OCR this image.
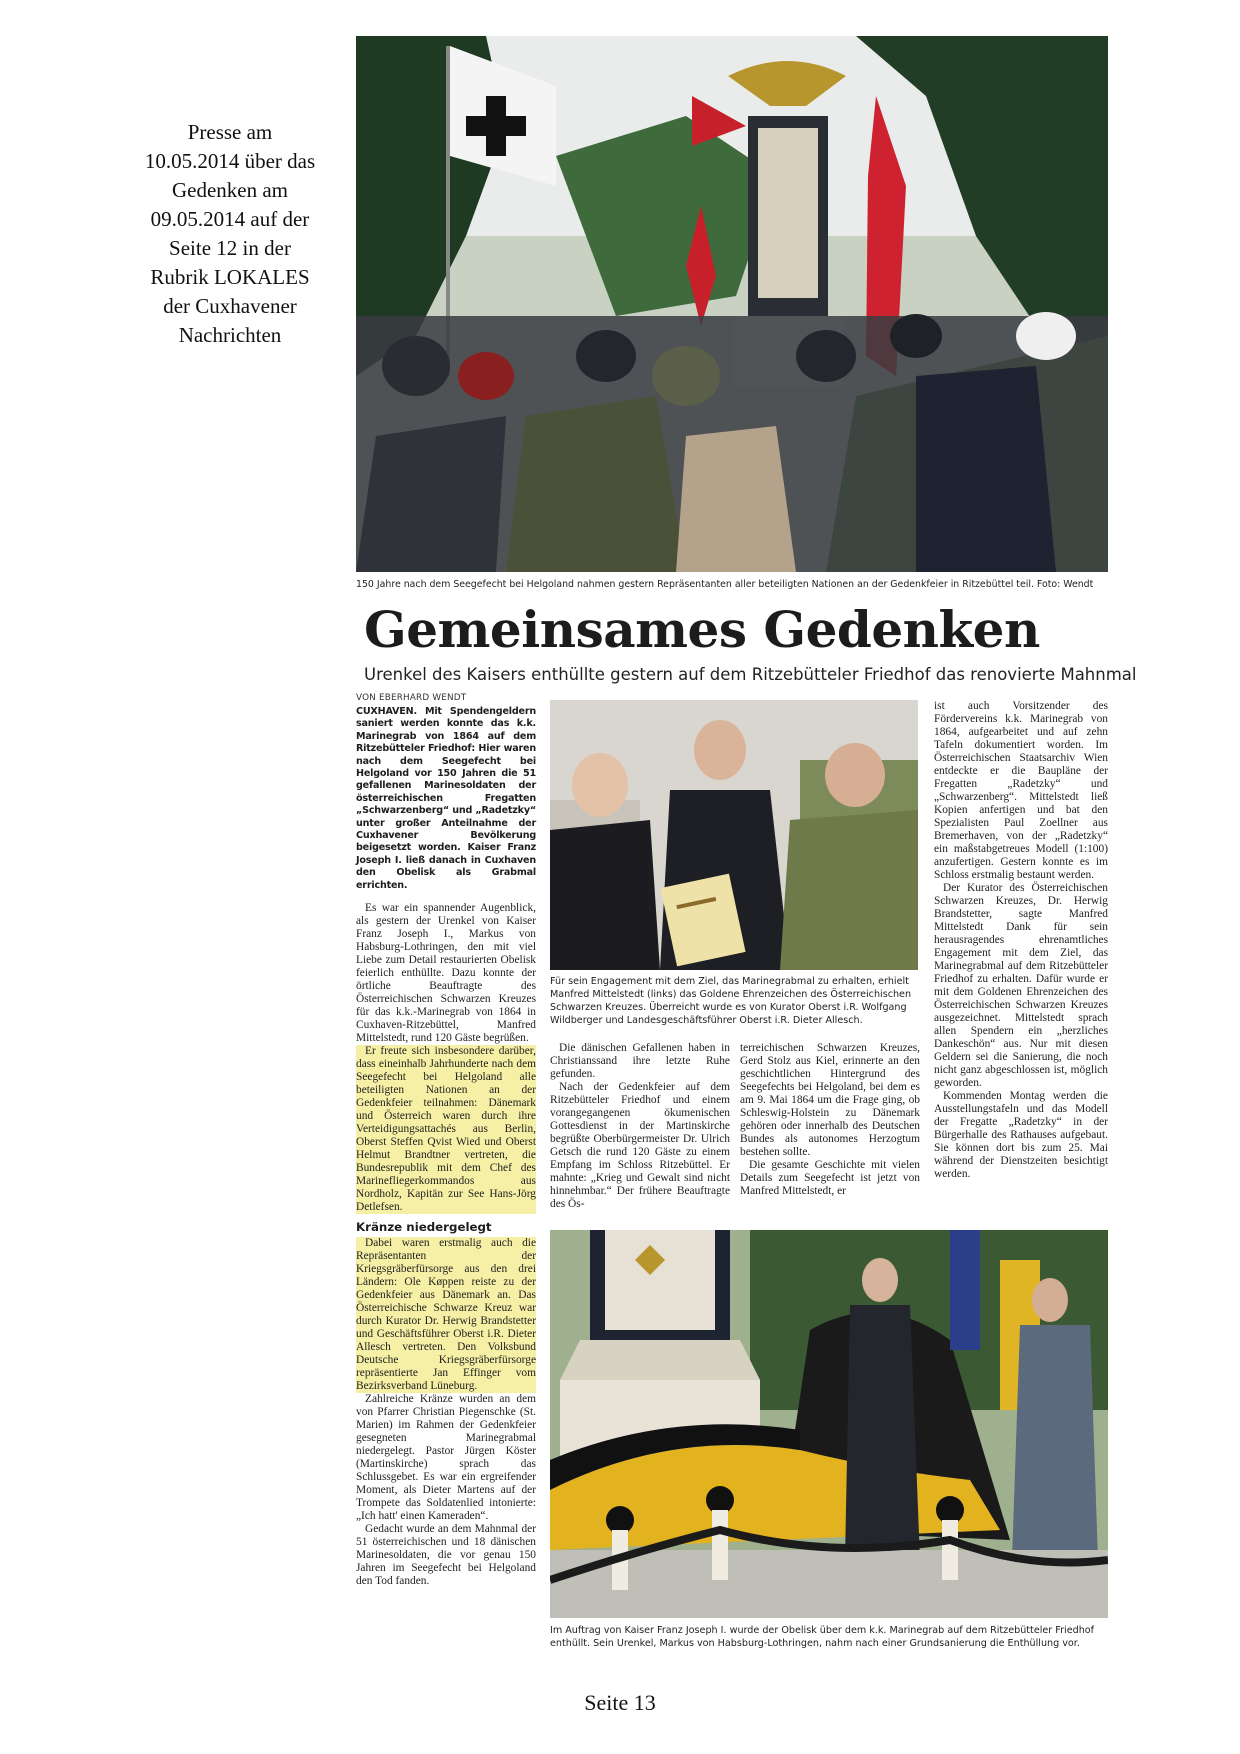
Presse am
10.05.2014 über das
Gedenken am
09.05.2014 auf der
Seite 12 in der
Rubrik LOKALES
der Cuxhavener
Nachrichten
150 Jahre nach dem Seegefecht bei Helgoland nahmen gestern Repräsentanten aller beteiligten Nationen an der Gedenkfeier in Ritzebüttel teil. Foto: Wendt
Gemeinsames Gedenken
Urenkel des Kaisers enthüllte gestern auf dem Ritzebütteler Friedhof das renovierte Mahnmal
VON EBERHARD WENDT

CUXHAVEN. Mit Spendengeldern saniert werden konnte das k.k. Marinegrab von 1864 auf dem Ritzebütteler Friedhof: Hier waren nach dem Seegefecht bei Helgoland vor 150 Jahren die 51 gefallenen Marinesoldaten der österreichischen Fregatten „Schwarzenberg“ und „Radetzky“ unter großer Anteilnahme der Cuxhavener Bevölkerung beigesetzt worden. Kaiser Franz Joseph I. ließ danach in Cuxhaven den Obelisk als Grabmal errichten.

Es war ein spannender Augenblick, als gestern der Urenkel von Kaiser Franz Joseph I., Markus von Habsburg-Lothringen, den mit viel Liebe zum Detail restaurierten Obelisk feierlich enthüllte. Dazu konnte der örtliche Beauftragte des Österreichischen Schwarzen Kreuzes für das k.k.-Marinegrab von 1864 in Cuxhaven-Ritzebüttel, Manfred Mittelstedt, rund 120 Gäste begrüßen.

Er freute sich insbesondere darüber, dass eineinhalb Jahrhunderte nach dem Seegefecht bei Helgoland alle beteiligten Nationen an der Gedenkfeier teilnahmen: Dänemark und Österreich waren durch ihre Verteidigungsattachés aus Berlin, Oberst Steffen Qvist Wied und Oberst Helmut Brandtner vertreten, die Bundesrepublik mit dem Chef des Marinefliegerkommandos aus Nordholz, Kapitän zur See Hans-Jörg Detlefsen.

Kränze niedergelegt

Dabei waren erstmalig auch die Repräsentanten der Kriegsgräberfürsorge aus den drei Ländern: Ole Køppen reiste zu der Gedenkfeier aus Dänemark an. Das Österreichische Schwarze Kreuz war durch Kurator Dr. Herwig Brandstetter und Geschäftsführer Oberst i.R. Dieter Allesch vertreten. Den Volksbund Deutsche Kriegsgräberfürsorge repräsentierte Jan Effinger vom Bezirksverband Lüneburg.

Zahlreiche Kränze wurden an dem von Pfarrer Christian Piegenschke (St. Marien) im Rahmen der Gedenkfeier gesegneten Marinegrabmal niedergelegt. Pastor Jürgen Köster (Martinskirche) sprach das Schlussgebet. Es war ein ergreifender Moment, als Dieter Martens auf der Trompete das Soldatenlied intonierte: „Ich hatt' einen Kameraden“.

Gedacht wurde an dem Mahnmal der 51 österreichischen und 18 dänischen Marinesoldaten, die vor genau 150 Jahren im Seegefecht bei Helgoland den Tod fanden.

Für sein Engagement mit dem Ziel, das Marinegrabmal zu erhalten, erhielt Manfred Mittelstedt (links) das Goldene Ehrenzeichen des Österreichischen Schwarzen Kreuzes. Überreicht wurde es von Kurator Oberst i.R. Wolfgang Wildberger und Landesgeschäftsführer Oberst i.R. Dieter Allesch.

Die dänischen Gefallenen haben in Christianssand ihre letzte Ruhe gefunden.

Nach der Gedenkfeier auf dem Ritzebütteler Friedhof und einem vorangegangenen ökumenischen Gottesdienst in der Martinskirche begrüßte Oberbürgermeister Dr. Ulrich Getsch die rund 120 Gäste zu einem Empfang im Schloss Ritzebüttel. Er mahnte: „Krieg und Gewalt sind nicht hinnehmbar.“ Der frühere Beauftragte des Ös-

terreichischen Schwarzen Kreuzes, Gerd Stolz aus Kiel, erinnerte an den geschichtlichen Hintergrund des Seegefechts bei Helgoland, bei dem es am 9. Mai 1864 um die Frage ging, ob Schleswig-Holstein zu Dänemark gehören oder innerhalb des Deutschen Bundes als autonomes Herzogtum bestehen sollte.

Die gesamte Geschichte mit vielen Details zum Seegefecht ist jetzt von Manfred Mittelstedt, er

ist auch Vorsitzender des Fördervereins k.k. Marinegrab von 1864, aufgearbeitet und auf zehn Tafeln dokumentiert worden. Im Österreichischen Staatsarchiv Wien entdeckte er die Baupläne der Fregatten „Radetzky“ und „Schwarzenberg“. Mittelstedt ließ Kopien anfertigen und bat den Spezialisten Paul Zoellner aus Bremerhaven, von der „Radetzky“ ein maßstabgetreues Modell (1:100) anzufertigen. Gestern konnte es im Schloss erstmalig bestaunt werden.

Der Kurator des Österreichischen Schwarzen Kreuzes, Dr. Herwig Brandstetter, sagte Manfred Mittelstedt Dank für sein herausragendes ehrenamtliches Engagement mit dem Ziel, das Marinegrabmal auf dem Ritzebütteler Friedhof zu erhalten. Dafür wurde er mit dem Goldenen Ehrenzeichen des Österreichischen Schwarzen Kreuzes ausgezeichnet. Mittelstedt sprach allen Spendern ein „herzliches Dankeschön“ aus. Nur mit diesen Geldern sei die Sanierung, die noch nicht ganz abgeschlossen ist, möglich geworden.

Kommenden Montag werden die Ausstellungstafeln und das Modell der Fregatte „Radetzky“ in der Bürgerhalle des Rathauses aufgebaut. Sie können dort bis zum 25. Mai während der Dienstzeiten besichtigt werden.

Im Auftrag von Kaiser Franz Joseph I. wurde der Obelisk über dem k.k. Marinegrab auf dem Ritzebütteler Friedhof enthüllt. Sein Urenkel, Markus von Habsburg-Lothringen, nahm nach einer Grundsanierung die Enthüllung vor.
Seite 13
